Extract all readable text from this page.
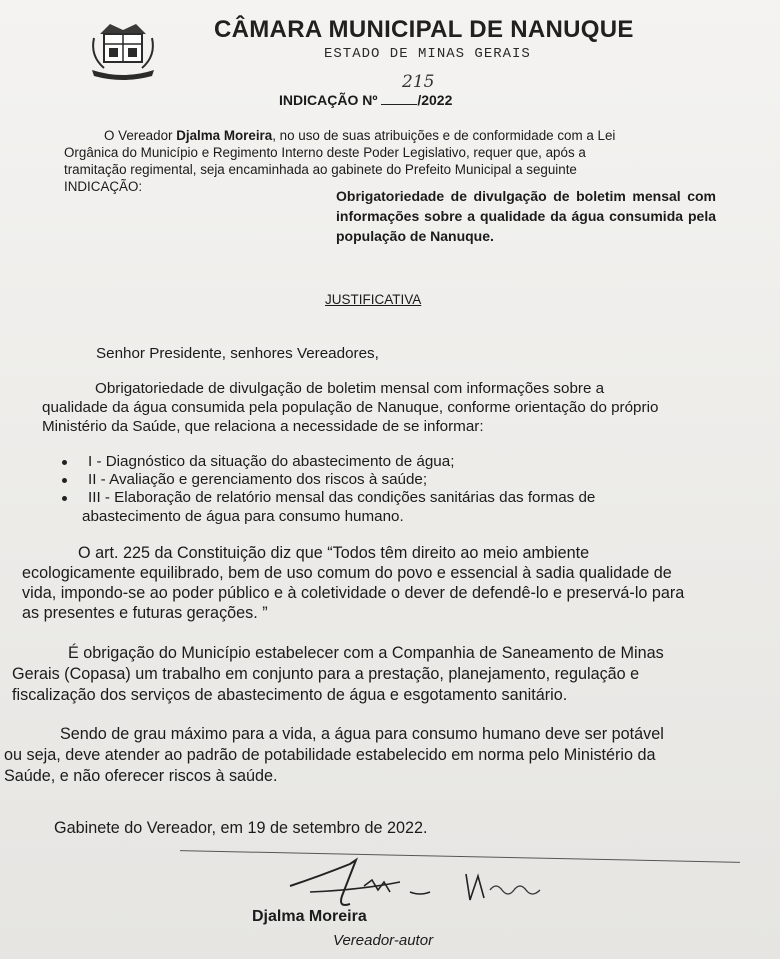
CÂMARA MUNICIPAL DE NANUQUE
ESTADO DE MINAS GERAIS
215
INDICAÇÃO Nº	/2022
O Vereador Djalma Moreira, no uso de suas atribuições e de conformidade com a Lei
Orgânica do Município e Regimento Interno deste Poder Legislativo, requer que, após a
tramitação regimental, seja encaminhada ao gabinete do Prefeito Municipal a seguinte
INDICAÇÃO:
Obrigatoriedade de divulgação de boletim mensal com informações sobre a qualidade da água consumida pela população de Nanuque.
JUSTIFICATIVA
Senhor Presidente, senhores Vereadores,
Obrigatoriedade de divulgação de boletim mensal com informações sobre a
qualidade da água consumida pela população de Nanuque, conforme orientação do próprio
Ministério da Saúde, que relaciona a necessidade de se informar:
I - Diagnóstico da situação do abastecimento de água;
II - Avaliação e gerenciamento dos riscos à saúde;
III - Elaboração de relatório mensal das condições sanitárias das formas de
abastecimento de água para consumo humano.
O art. 225 da Constituição diz que “Todos têm direito ao meio ambiente
ecologicamente equilibrado, bem de uso comum do povo e essencial à sadia qualidade de
vida, impondo-se ao poder público e à coletividade o dever de defendê-lo e preservá-lo para
as presentes e futuras gerações. ”
É obrigação do Município estabelecer com a Companhia de Saneamento de Minas
Gerais (Copasa) um trabalho em conjunto para a prestação, planejamento, regulação e
fiscalização dos serviços de abastecimento de água e esgotamento sanitário.
Sendo de grau máximo para a vida, a água para consumo humano deve ser potável
ou seja, deve atender ao padrão de potabilidade estabelecido em norma pelo Ministério da
Saúde, e não oferecer riscos à saúde.
Gabinete do Vereador, em 19 de setembro de 2022.
Djalma Moreira
Vereador-autor
